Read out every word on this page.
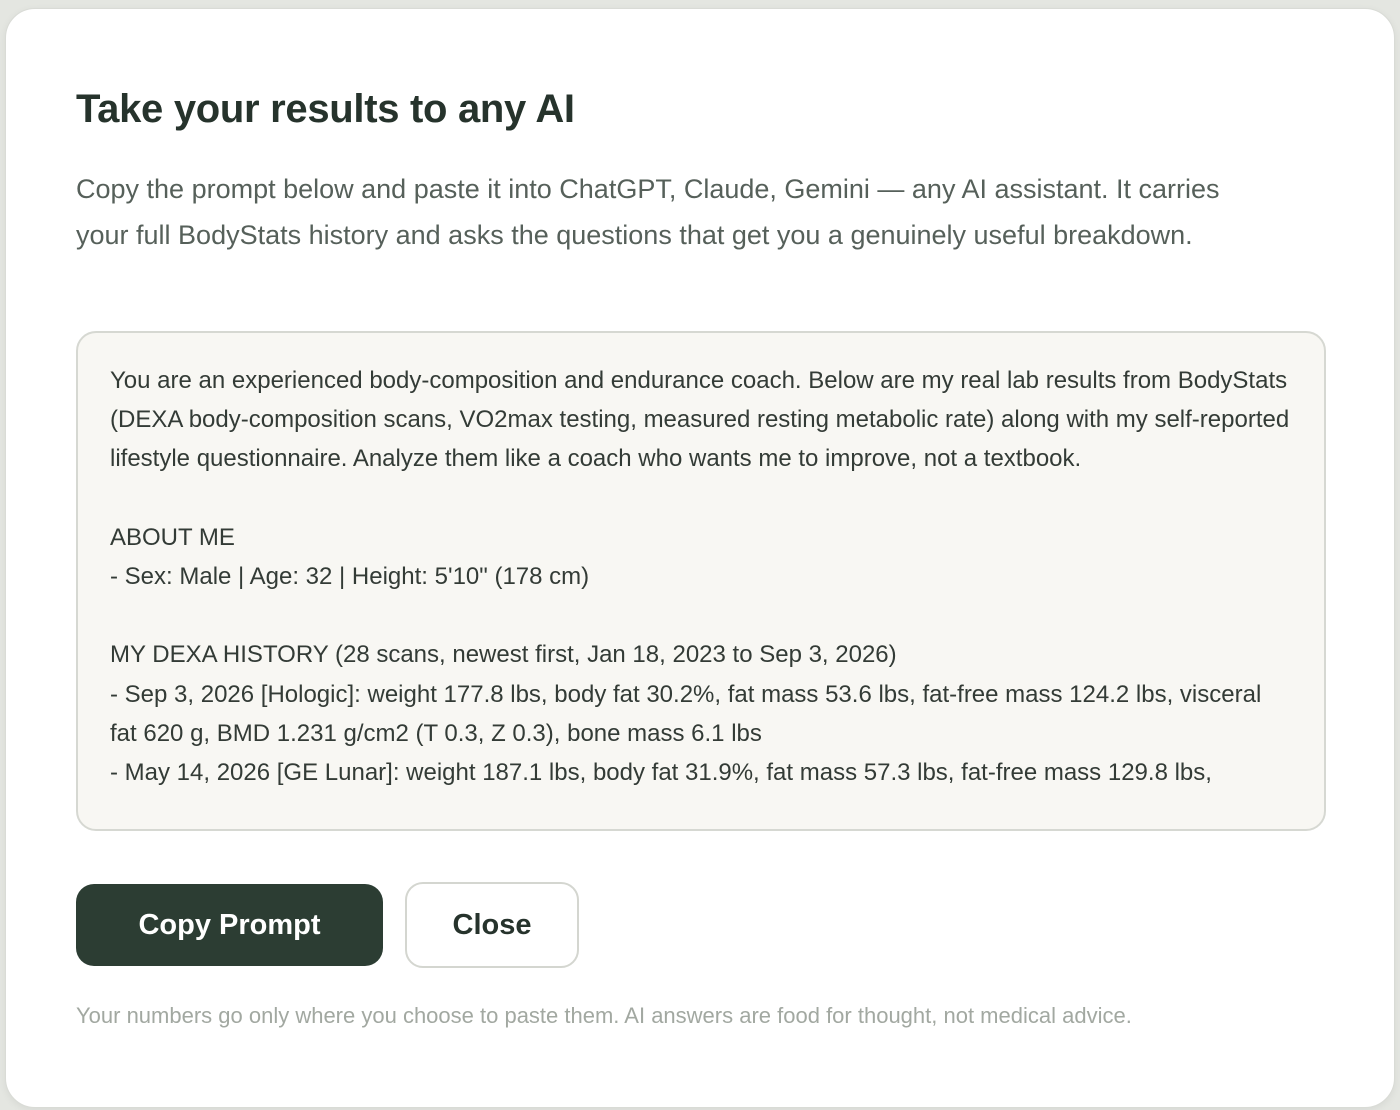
Take your results to any AI

Copy the prompt below and paste it into ChatGPT, Claude, Gemini — any AI assistant. It carries your full BodyStats history and asks the questions that get you a genuinely useful breakdown.

You are an experienced body-composition and endurance coach. Below are my real lab results from BodyStats (DEXA body-composition scans, VO2max testing, measured resting metabolic rate) along with my self-reported lifestyle questionnaire. Analyze them like a coach who wants me to improve, not a textbook.

ABOUT ME
- Sex: Male | Age: 32 | Height: 5'10" (178 cm)

MY DEXA HISTORY (28 scans, newest first, Jan 18, 2023 to Sep 3, 2026)
- Sep 3, 2026 [Hologic]: weight 177.8 lbs, body fat 30.2%, fat mass 53.6 lbs, fat-free mass 124.2 lbs, visceral fat 620 g, BMD 1.231 g/cm2 (T 0.3, Z 0.3), bone mass 6.1 lbs
- May 14, 2026 [GE Lunar]: weight 187.1 lbs, body fat 31.9%, fat mass 57.3 lbs, fat-free mass 129.8 lbs,

Copy Prompt	Close

Your numbers go only where you choose to paste them. AI answers are food for thought, not medical advice.
